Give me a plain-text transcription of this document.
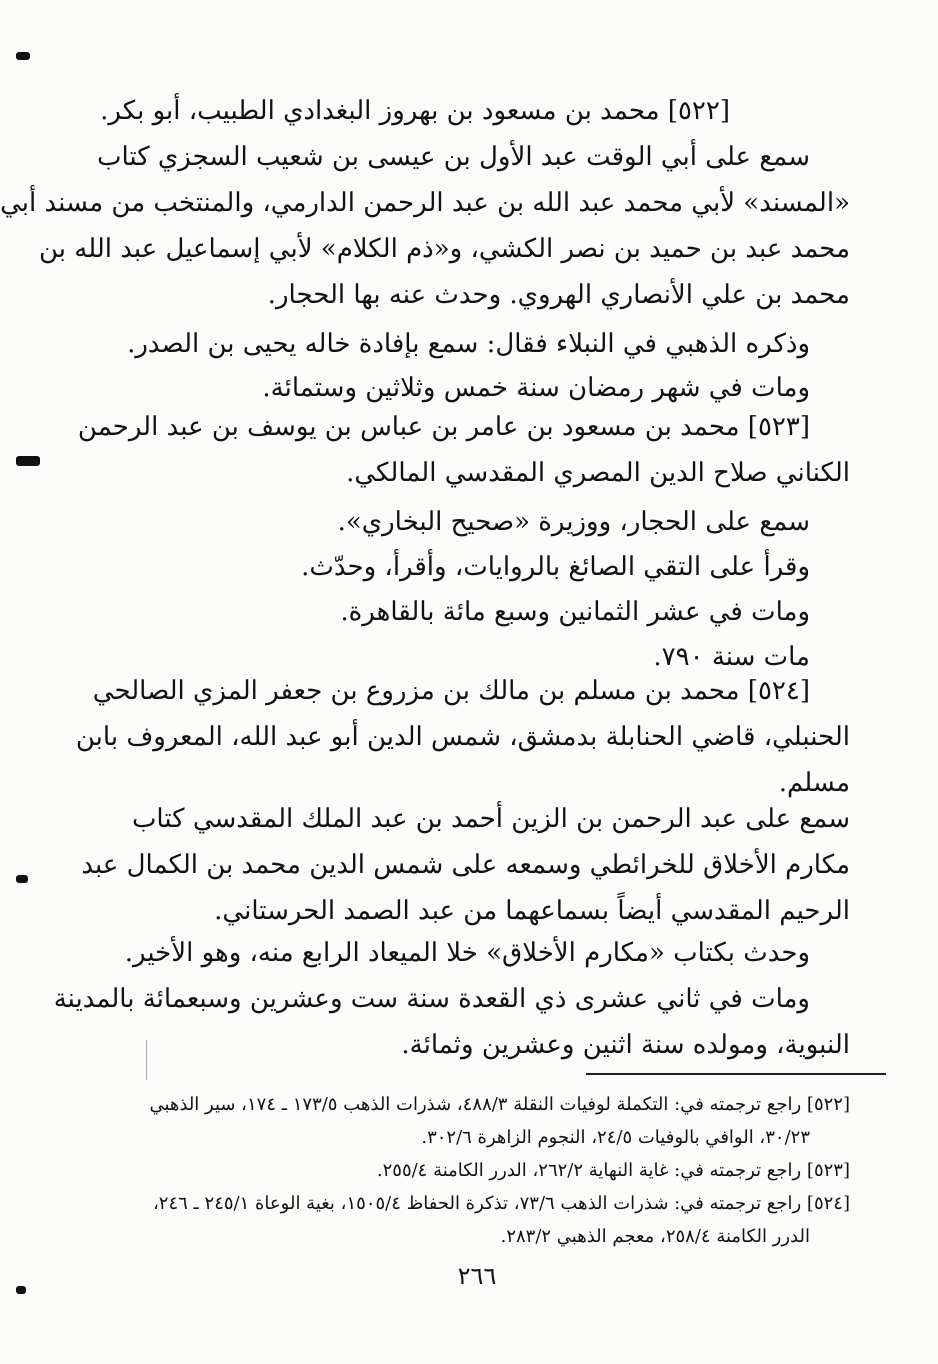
[٥٢٢] محمد بن مسعود بن بهروز البغدادي الطبيب، أبو بكر.
سمع على أبي الوقت عبد الأول بن عيسى بن شعيب السجزي كتاب
«المسند» لأبي محمد عبد الله بن عبد الرحمن الدارمي، والمنتخب من مسند أبي
محمد عبد بن حميد بن نصر الكشي، و«ذم الكلام» لأبي إسماعيل عبد الله بن
محمد بن علي الأنصاري الهروي. وحدث عنه بها الحجار.
وذكره الذهبي في النبلاء فقال: سمع بإفادة خاله يحيى بن الصدر.
ومات في شهر رمضان سنة خمس وثلاثين وستمائة.
[٥٢٣] محمد بن مسعود بن عامر بن عباس بن يوسف بن عبد الرحمن
الكناني صلاح الدين المصري المقدسي المالكي.
سمع على الحجار، ووزيرة «صحيح البخاري».
وقرأ على التقي الصائغ بالروايات، وأقرأ، وحدّث.
ومات في عشر الثمانين وسبع مائة بالقاهرة.
مات سنة ٧٩٠.
[٥٢٤] محمد بن مسلم بن مالك بن مزروع بن جعفر المزي الصالحي
الحنبلي، قاضي الحنابلة بدمشق، شمس الدين أبو عبد الله، المعروف بابن
مسلم.
سمع على عبد الرحمن بن الزين أحمد بن عبد الملك المقدسي كتاب
مكارم الأخلاق للخرائطي وسمعه على شمس الدين محمد بن الكمال عبد
الرحيم المقدسي أيضاً بسماعهما من عبد الصمد الحرستاني.
وحدث بكتاب «مكارم الأخلاق» خلا الميعاد الرابع منه، وهو الأخير.
ومات في ثاني عشرى ذي القعدة سنة ست وعشرين وسبعمائة بالمدينة
النبوية، ومولده سنة اثنين وعشرين وثمائة.
[٥٢٢] راجع ترجمته في: التكملة لوفيات النقلة ٤٨٨/٣، شذرات الذهب ١٧٣/٥ ـ ١٧٤، سير الذهبي
٣٠/٢٣، الوافي بالوفيات ٢٤/٥، النجوم الزاهرة ٣٠٢/٦.
[٥٢٣] راجع ترجمته في: غاية النهاية ٢٦٢/٢، الدرر الكامنة ٢٥٥/٤.
[٥٢٤] راجع ترجمته في: شذرات الذهب ٧٣/٦، تذكرة الحفاظ ١٥٠٥/٤، بغية الوعاة ٢٤٥/١ ـ ٢٤٦،
الدرر الكامنة ٢٥٨/٤، معجم الذهبي ٢٨٣/٢.
٢٦٦
